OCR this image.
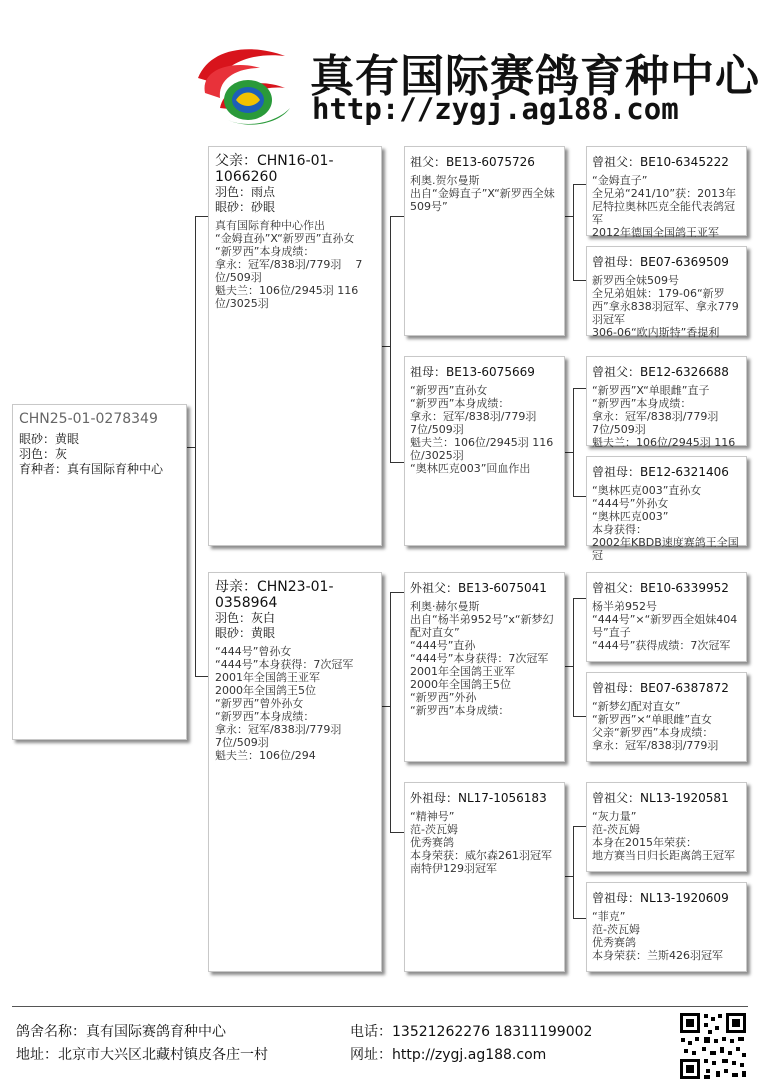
真有国际赛鸽育种中心
http://zygj.ag188.com
CHN25-01-0278349
眼砂：黄眼
羽色：灰
育种者：真有国际育种中心
父亲：CHN16-01-1066260
羽色：雨点
眼砂：砂眼
真有国际育种中心作出
“金姆直孙”X“新罗西”直孙女
“新罗西”本身成绩：
拿永：冠军/838羽/779羽    7位/509羽
魁夫兰：106位/2945羽 116位/3025羽
母亲：CHN23-01-0358964
羽色：灰白
眼砂：黄眼
“444号”曾孙女
“444号”本身获得：7次冠军
2001年全国鸽王亚军
2000年全国鸽王5位
“新罗西”曾外孙女
“新罗西”本身成绩：
拿永：冠军/838羽/779羽
7位/509羽
魁夫兰：106位/294
祖父：BE13-6075726
利奥.贺尔曼斯
出自“金姆直子”X“新罗西全妹509号”
祖母：BE13-6075669
“新罗西”直孙女
“新罗西”本身成绩：
拿永：冠军/838羽/779羽
7位/509羽
魁夫兰：106位/2945羽 116位/3025羽
“奥林匹克003”回血作出
外祖父：BE13-6075041
利奥·赫尔曼斯
出自“杨半弟952号”x“新梦幻配对直女”
“444号”直孙
“444号”本身获得：7次冠军
2001年全国鸽王亚军
2000年全国鸽王5位
“新罗西”外孙
“新罗西”本身成绩：
外祖母：NL17-1056183
“精神号”
范-茨瓦姆
优秀赛鸽
本身荣获：威尔森261羽冠军
南特伊129羽冠军
曾祖父：BE10-6345222
“金姆直子”
全兄弟“241/10”获：2013年尼特拉奥林匹克全能代表鸽冠军
2012年德国全国鸽王亚军
曾祖母：BE07-6369509
新罗西全妹509号
全兄弟姐妹：179-06“新罗西”拿永838羽冠军、拿永779羽冠军
306-06“欧内斯特”香提利
曾祖父：BE12-6326688
“新罗西”X“单眼雌”直子
“新罗西”本身成绩：
拿永：冠军/838羽/779羽
7位/509羽
魁夫兰：106位/2945羽 116
曾祖母：BE12-6321406
“奥林匹克003”直孙女
“444号”外孙女
“奥林匹克003”
本身获得：
2002年KBDB速度赛鸽王全国冠
曾祖父：BE10-6339952
杨半弟952号
“444号”×“新罗西全姐妹404号”直子
“444号”获得成绩：7次冠军
曾祖母：BE07-6387872
“新梦幻配对直女”
“新罗西”×“单眼雌”直女
父亲“新罗西”本身成绩：
拿永：冠军/838羽/779羽
曾祖父：NL13-1920581
“灰力量”
范-茨瓦姆
本身在2015年荣获：
地方赛当日归长距离鸽王冠军
曾祖母：NL13-1920609
“菲克”
范-茨瓦姆
优秀赛鸽
本身荣获：兰斯426羽冠军
鸽舍名称：真有国际赛鸽育种中心
地址：北京市大兴区北藏村镇皮各庄一村
电话：13521262276 18311199002
网址：http://zygj.ag188.com
